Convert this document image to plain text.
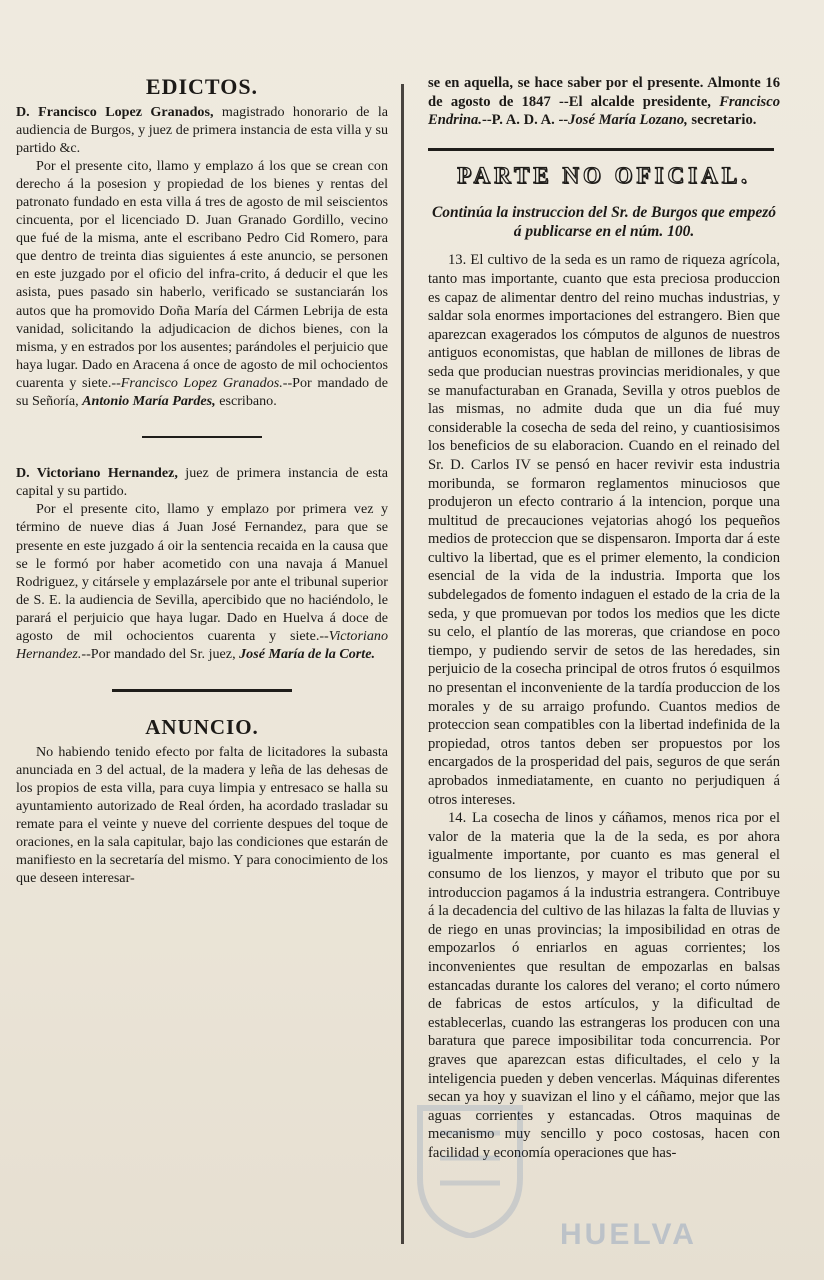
EDICTOS.

D. Francisco Lopez Granados, magistrado honorario de la audiencia de Burgos, y juez de primera instancia de esta villa y su partido &c.

Por el presente cito, llamo y emplazo á los que se crean con derecho á la posesion y propiedad de los bienes y rentas del patronato fundado en esta villa á tres de agosto de mil seiscientos cincuenta, por el licenciado D. Juan Granado Gordillo, vecino que fué de la misma, ante el escribano Pedro Cid Romero, para que dentro de treinta dias siguientes á este anuncio, se personen en este juzgado por el oficio del infra-crito, á deducir el que les asista, pues pasado sin haberlo, verificado se sustanciarán los autos que ha promovido Doña María del Cármen Lebrija de esta vanidad, solicitando la adjudicacion de dichos bienes, con la misma, y en estrados por los ausentes; parándoles el perjuicio que haya lugar. Dado en Aracena á once de agosto de mil ochocientos cuarenta y siete.--Francisco Lopez Granados.--Por mandado de su Señoría, Antonio María Pardes, escribano.

D. Victoriano Hernandez, juez de primera instancia de esta capital y su partido.

Por el presente cito, llamo y emplazo por primera vez y término de nueve dias á Juan José Fernandez, para que se presente en este juzgado á oir la sentencia recaida en la causa que se le formó por haber acometido con una navaja á Manuel Rodriguez, y citársele y emplazársele por ante el tribunal superior de S. E. la audiencia de Sevilla, apercibido que no haciéndolo, le parará el perjuicio que haya lugar. Dado en Huelva á doce de agosto de mil ochocientos cuarenta y siete.--Victoriano Hernandez.--Por mandado del Sr. juez, José María de la Corte.

ANUNCIO.

No habiendo tenido efecto por falta de licitadores la subasta anunciada en 3 del actual, de la madera y leña de las dehesas de los propios de esta villa, para cuya limpia y entresaco se halla su ayuntamiento autorizado de Real órden, ha acordado trasladar su remate para el veinte y nueve del corriente despues del toque de oraciones, en la sala capitular, bajo las condiciones que estarán de manifiesto en la secretaría del mismo. Y para conocimiento de los que deseen interesar-

se en aquella, se hace saber por el presente. Almonte 16 de agosto de 1847 --El alcalde presidente, Francisco Endrina.--P. A. D. A. --José María Lozano, secretario.

PARTE NO OFICIAL.
Continúa la instruccion del Sr. de Burgos que empezó á publicarse en el núm. 100.

13. El cultivo de la seda es un ramo de riqueza agrícola, tanto mas importante, cuanto que esta preciosa produccion es capaz de alimentar dentro del reino muchas industrias, y saldar sola enormes importaciones del estrangero. Bien que aparezcan exagerados los cómputos de algunos de nuestros antiguos economistas, que hablan de millones de libras de seda que producian nuestras provincias meridionales, y que se manufacturaban en Granada, Sevilla y otros pueblos de las mismas, no admite duda que un dia fué muy considerable la cosecha de seda del reino, y cuantiosisimos los beneficios de su elaboracion. Cuando en el reinado del Sr. D. Carlos IV se pensó en hacer revivir esta industria moribunda, se formaron reglamentos minuciosos que produjeron un efecto contrario á la intencion, porque una multitud de precauciones vejatorias ahogó los pequeños medios de proteccion que se dispensaron. Importa dar á este cultivo la libertad, que es el primer elemento, la condicion esencial de la vida de la industria. Importa que los subdelegados de fomento indaguen el estado de la cria de la seda, y que promuevan por todos los medios que les dicte su celo, el plantío de las moreras, que criandose en poco tiempo, y pudiendo servir de setos de las heredades, sin perjuicio de la cosecha principal de otros frutos ó esquilmos no presentan el inconveniente de la tardía produccion de los morales y de su arraigo profundo. Cuantos medios de proteccion sean compatibles con la libertad indefinida de la propiedad, otros tantos deben ser propuestos por los encargados de la prosperidad del pais, seguros de que serán aprobados inmediatamente, en cuanto no perjudiquen á otros intereses.

14. La cosecha de linos y cáñamos, menos rica por el valor de la materia que la de la seda, es por ahora igualmente importante, por cuanto es mas general el consumo de los lienzos, y mayor el tributo que por su introduccion pagamos á la industria estrangera. Contribuye á la decadencia del cultivo de las hilazas la falta de lluvias y de riego en unas provincias; la imposibilidad en otras de empozarlos ó enriarlos en aguas corrientes; los inconvenientes que resultan de empozarlas en balsas estancadas durante los calores del verano; el corto número de fabricas de estos artículos, y la dificultad de establecerlas, cuando las estrangeras los producen con una baratura que parece imposibilitar toda concurrencia. Por graves que aparezcan estas dificultades, el celo y la inteligencia pueden y deben vencerlas. Máquinas diferentes secan ya hoy y suavizan el lino y el cáñamo, mejor que las aguas corrientes y estancadas. Otros maquinas de mecanismo muy sencillo y poco costosas, hacen con facilidad y economía operaciones que has-

HUELVA
